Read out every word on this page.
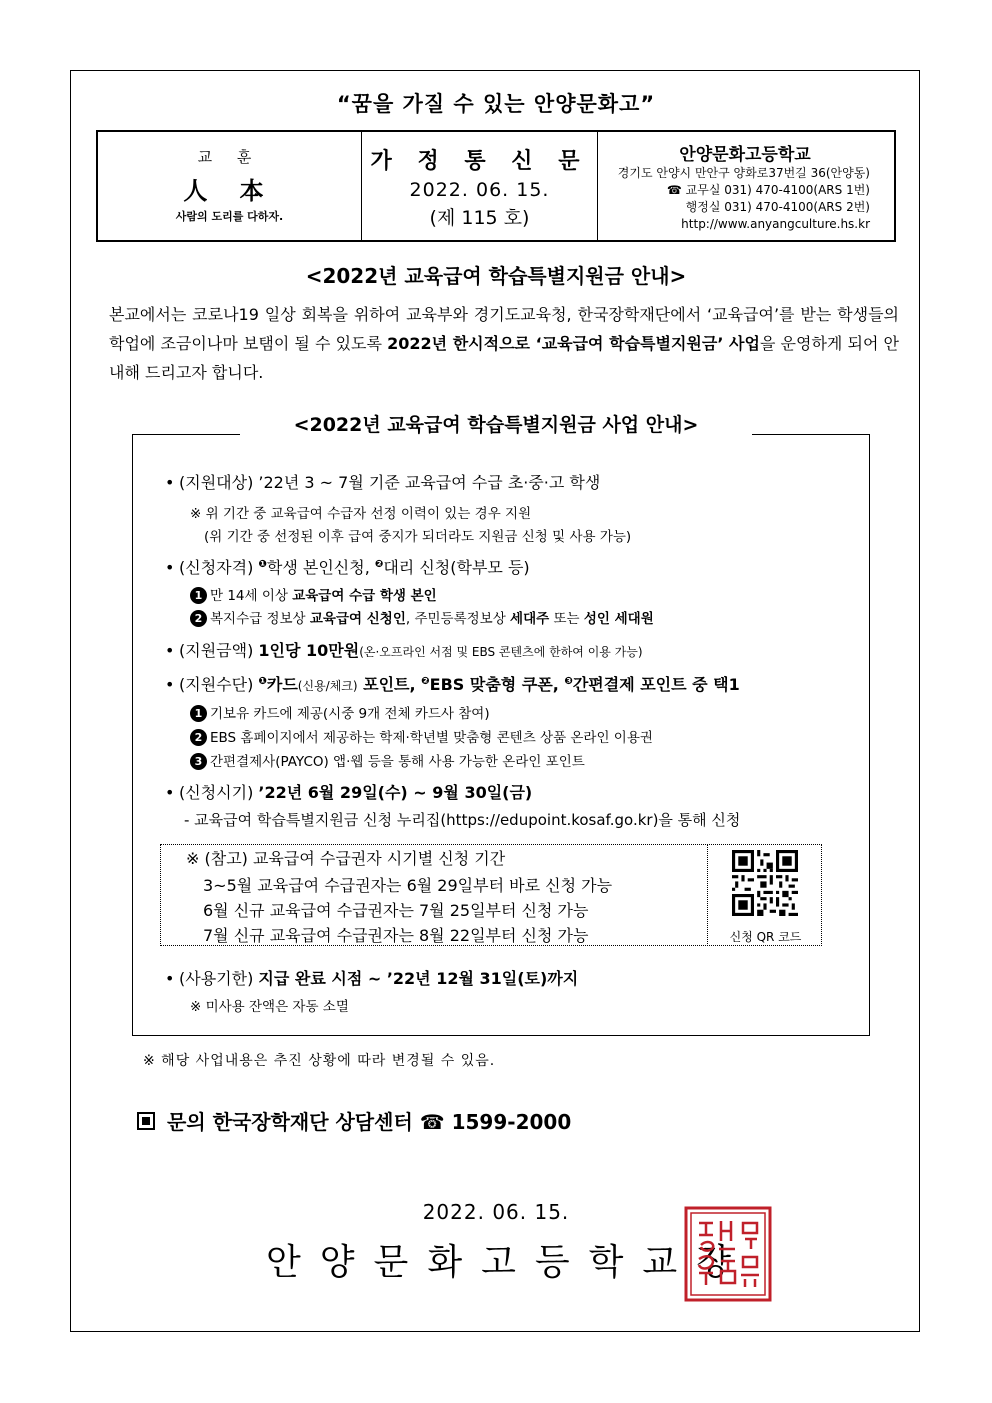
“꿈을 가질 수 있는 안양문화고”
교 훈
人 本
사람의 도리를 다하자.
가 정 통 신 문
2022. 06. 15.
(제 115 호)
안양문화고등학교
경기도 안양시 만안구 양화로37번길 36(안양동)
☎ 교무실 031) 470-4100(ARS 1번)
행정실 031) 470-4100(ARS 2번)
http://www.anyangculture.hs.kr
<2022년 교육급여 학습특별지원금 안내>
본교에서는 코로나19 일상 회복을 위하여 교육부와 경기도교육청, 한국장학재단에서 ‘교육급여’를 받는 학생들의 학업에 조금이나마 보탬이 될 수 있도록 2022년 한시적으로 ‘교육급여 학습특별지원금’ 사업을 운영하게 되어 안내해 드리고자 합니다.
<2022년 교육급여 학습특별지원금 사업 안내>
• (지원대상) ’22년 3 ~ 7월 기준 교육급여 수급 초·중·고 학생
※ 위 기간 중 교육급여 수급자 선정 이력이 있는 경우 지원
(위 기간 중 선정된 이후 급여 중지가 되더라도 지원금 신청 및 사용 가능)
• (신청자격) $^❶$학생 본인신청, $^❷$대리 신청(학부모 등)
1 만 14세 이상 교육급여 수급 학생 본인
2 복지수급 정보상 교육급여 신청인, 주민등록정보상 세대주 또는 성인 세대원
• (지원금액) 1인당 10만원(온·오프라인 서점 및 EBS 콘텐츠에 한하여 이용 가능)
• (지원수단) $^❶$카드(신용/체크) 포인트, $^❷$EBS 맞춤형 쿠폰, $^❸$간편결제 포인트 중 택1
1 기보유 카드에 제공(시중 9개 전체 카드사 참여)
2 EBS 홈페이지에서 제공하는 학제·학년별 맞춤형 콘텐츠 상품 온라인 이용권
3 간편결제사(PAYCO) 앱·웹 등을 통해 사용 가능한 온라인 포인트
• (신청시기) ’22년 6월 29일(수) ~ 9월 30일(금)
- 교육급여 학습특별지원금 신청 누리집(https://edupoint.kosaf.go.kr)을 통해 신청
※ (참고) 교육급여 수급권자 시기별 신청 기간
3~5월 교육급여 수급권자는 6월 29일부터 바로 신청 가능
6월 신규 교육급여 수급권자는 7월 25일부터 신청 가능
7월 신규 교육급여 수급권자는 8월 22일부터 신청 가능	신청 QR 코드
• (사용기한) 지급 완료 시점 ~ ’22년 12월 31일(토)까지
※ 미사용 잔액은 자동 소멸
※ 해당 사업내용은 추진 상황에 따라 변경될 수 있음.
문의 한국장학재단 상담센터 ☎ 1599-2000
2022. 06. 15.
안양문화고등학교장
